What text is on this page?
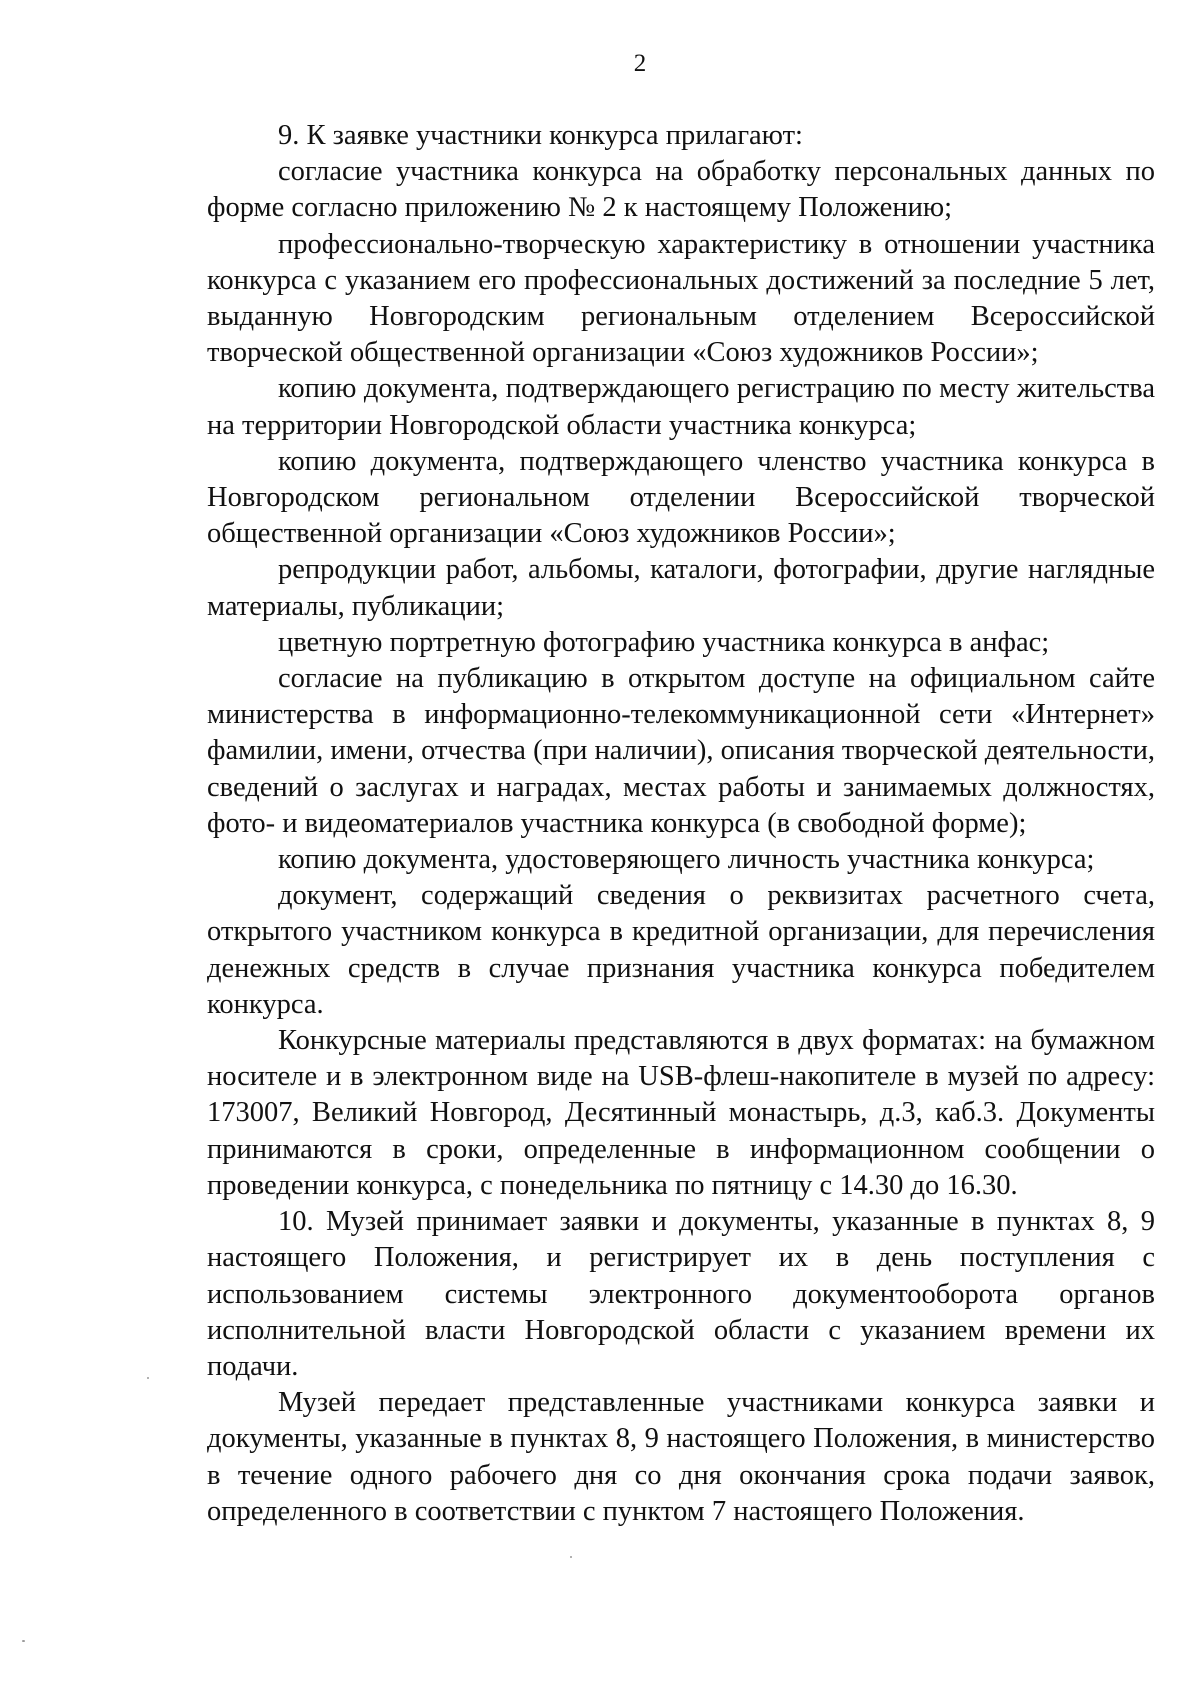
2

9. К заявке участники конкурса прилагают:

согласие участника конкурса на обработку персональных данных по форме согласно приложению № 2 к настоящему Положению;

профессионально-творческую характеристику в отношении участника конкурса с указанием его профессиональных достижений за последние 5 лет, выданную Новгородским региональным отделением Всероссийской творческой общественной организации «Союз художников России»;

копию документа, подтверждающего регистрацию по месту жительства на территории Новгородской области участника конкурса;

копию документа, подтверждающего членство участника конкурса в Новгородском региональном отделении Всероссийской творческой общественной организации «Союз художников России»;

репродукции работ, альбомы, каталоги, фотографии, другие наглядные материалы, публикации;

цветную портретную фотографию участника конкурса в анфас;

согласие на публикацию в открытом доступе на официальном сайте министерства в информационно-телекоммуникационной сети «Интернет» фамилии, имени, отчества (при наличии), описания творческой деятельности, сведений о заслугах и наградах, местах работы и занимаемых должностях, фото- и видеоматериалов участника конкурса (в свободной форме);

копию документа, удостоверяющего личность участника конкурса;

документ, содержащий сведения о реквизитах расчетного счета, открытого участником конкурса в кредитной организации, для перечисления денежных средств в случае признания участника конкурса победителем конкурса.

Конкурсные материалы представляются в двух форматах: на бумажном носителе и в электронном виде на USB-флеш-накопителе в музей по адресу: 173007, Великий Новгород, Десятинный монастырь, д.3, каб.3. Документы принимаются в сроки, определенные в информационном сообщении о проведении конкурса, с понедельника по пятницу с 14.30 до 16.30.

10. Музей принимает заявки и документы, указанные в пунктах 8, 9 настоящего Положения, и регистрирует их в день поступления с использованием системы электронного документооборота органов исполнительной власти Новгородской области с указанием времени их подачи.

Музей передает представленные участниками конкурса заявки и документы, указанные в пунктах 8, 9 настоящего Положения, в министерство в течение одного рабочего дня со дня окончания срока подачи заявок, определенного в соответствии с пунктом 7 настоящего Положения.
